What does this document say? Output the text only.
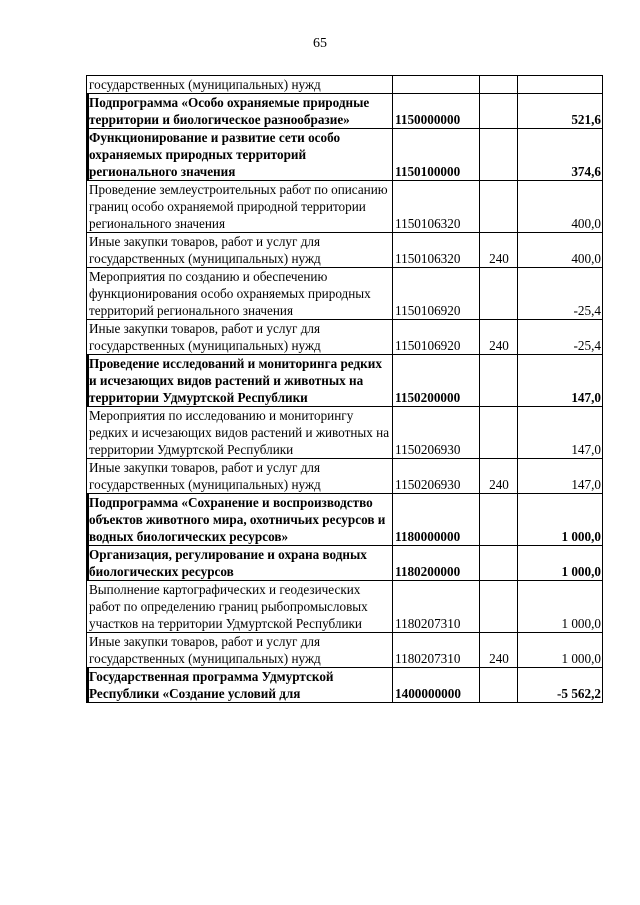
65
государственных (муниципальных) нужд			
Подпрограмма «Особо охраняемые природные территории и биологическое разнообразие»	1150000000		521,6
Функционирование и развитие сети особо охраняемых природных территорий регионального значения	1150100000		374,6
Проведение землеустроительных работ по описанию границ особо охраняемой природной территории регионального значения	1150106320		400,0
Иные закупки товаров, работ и услуг для государственных (муниципальных) нужд	1150106320	240	400,0
Мероприятия по созданию и обеспечению функционирования особо охраняемых природных территорий регионального значения	1150106920		-25,4
Иные закупки товаров, работ и услуг для государственных (муниципальных) нужд	1150106920	240	-25,4
Проведение исследований и мониторинга редких и исчезающих видов растений и животных на территории Удмуртской Республики	1150200000		147,0
Мероприятия по исследованию и мониторингу редких и исчезающих видов растений и животных на территории Удмуртской Республики	1150206930		147,0
Иные закупки товаров, работ и услуг для государственных (муниципальных) нужд	1150206930	240	147,0
Подпрограмма «Сохранение и воспроизводство объектов животного мира, охотничьих ресурсов и водных биологических ресурсов»	1180000000		1 000,0
Организация, регулирование и охрана водных биологических ресурсов	1180200000		1 000,0
Выполнение картографических и геодезических работ по определению границ рыбопромысловых участков на территории Удмуртской Республики	1180207310		1 000,0
Иные закупки товаров, работ и услуг для государственных (муниципальных) нужд	1180207310	240	1 000,0
Государственная программа Удмуртской Республики «Создание условий для	1400000000		-5 562,2
